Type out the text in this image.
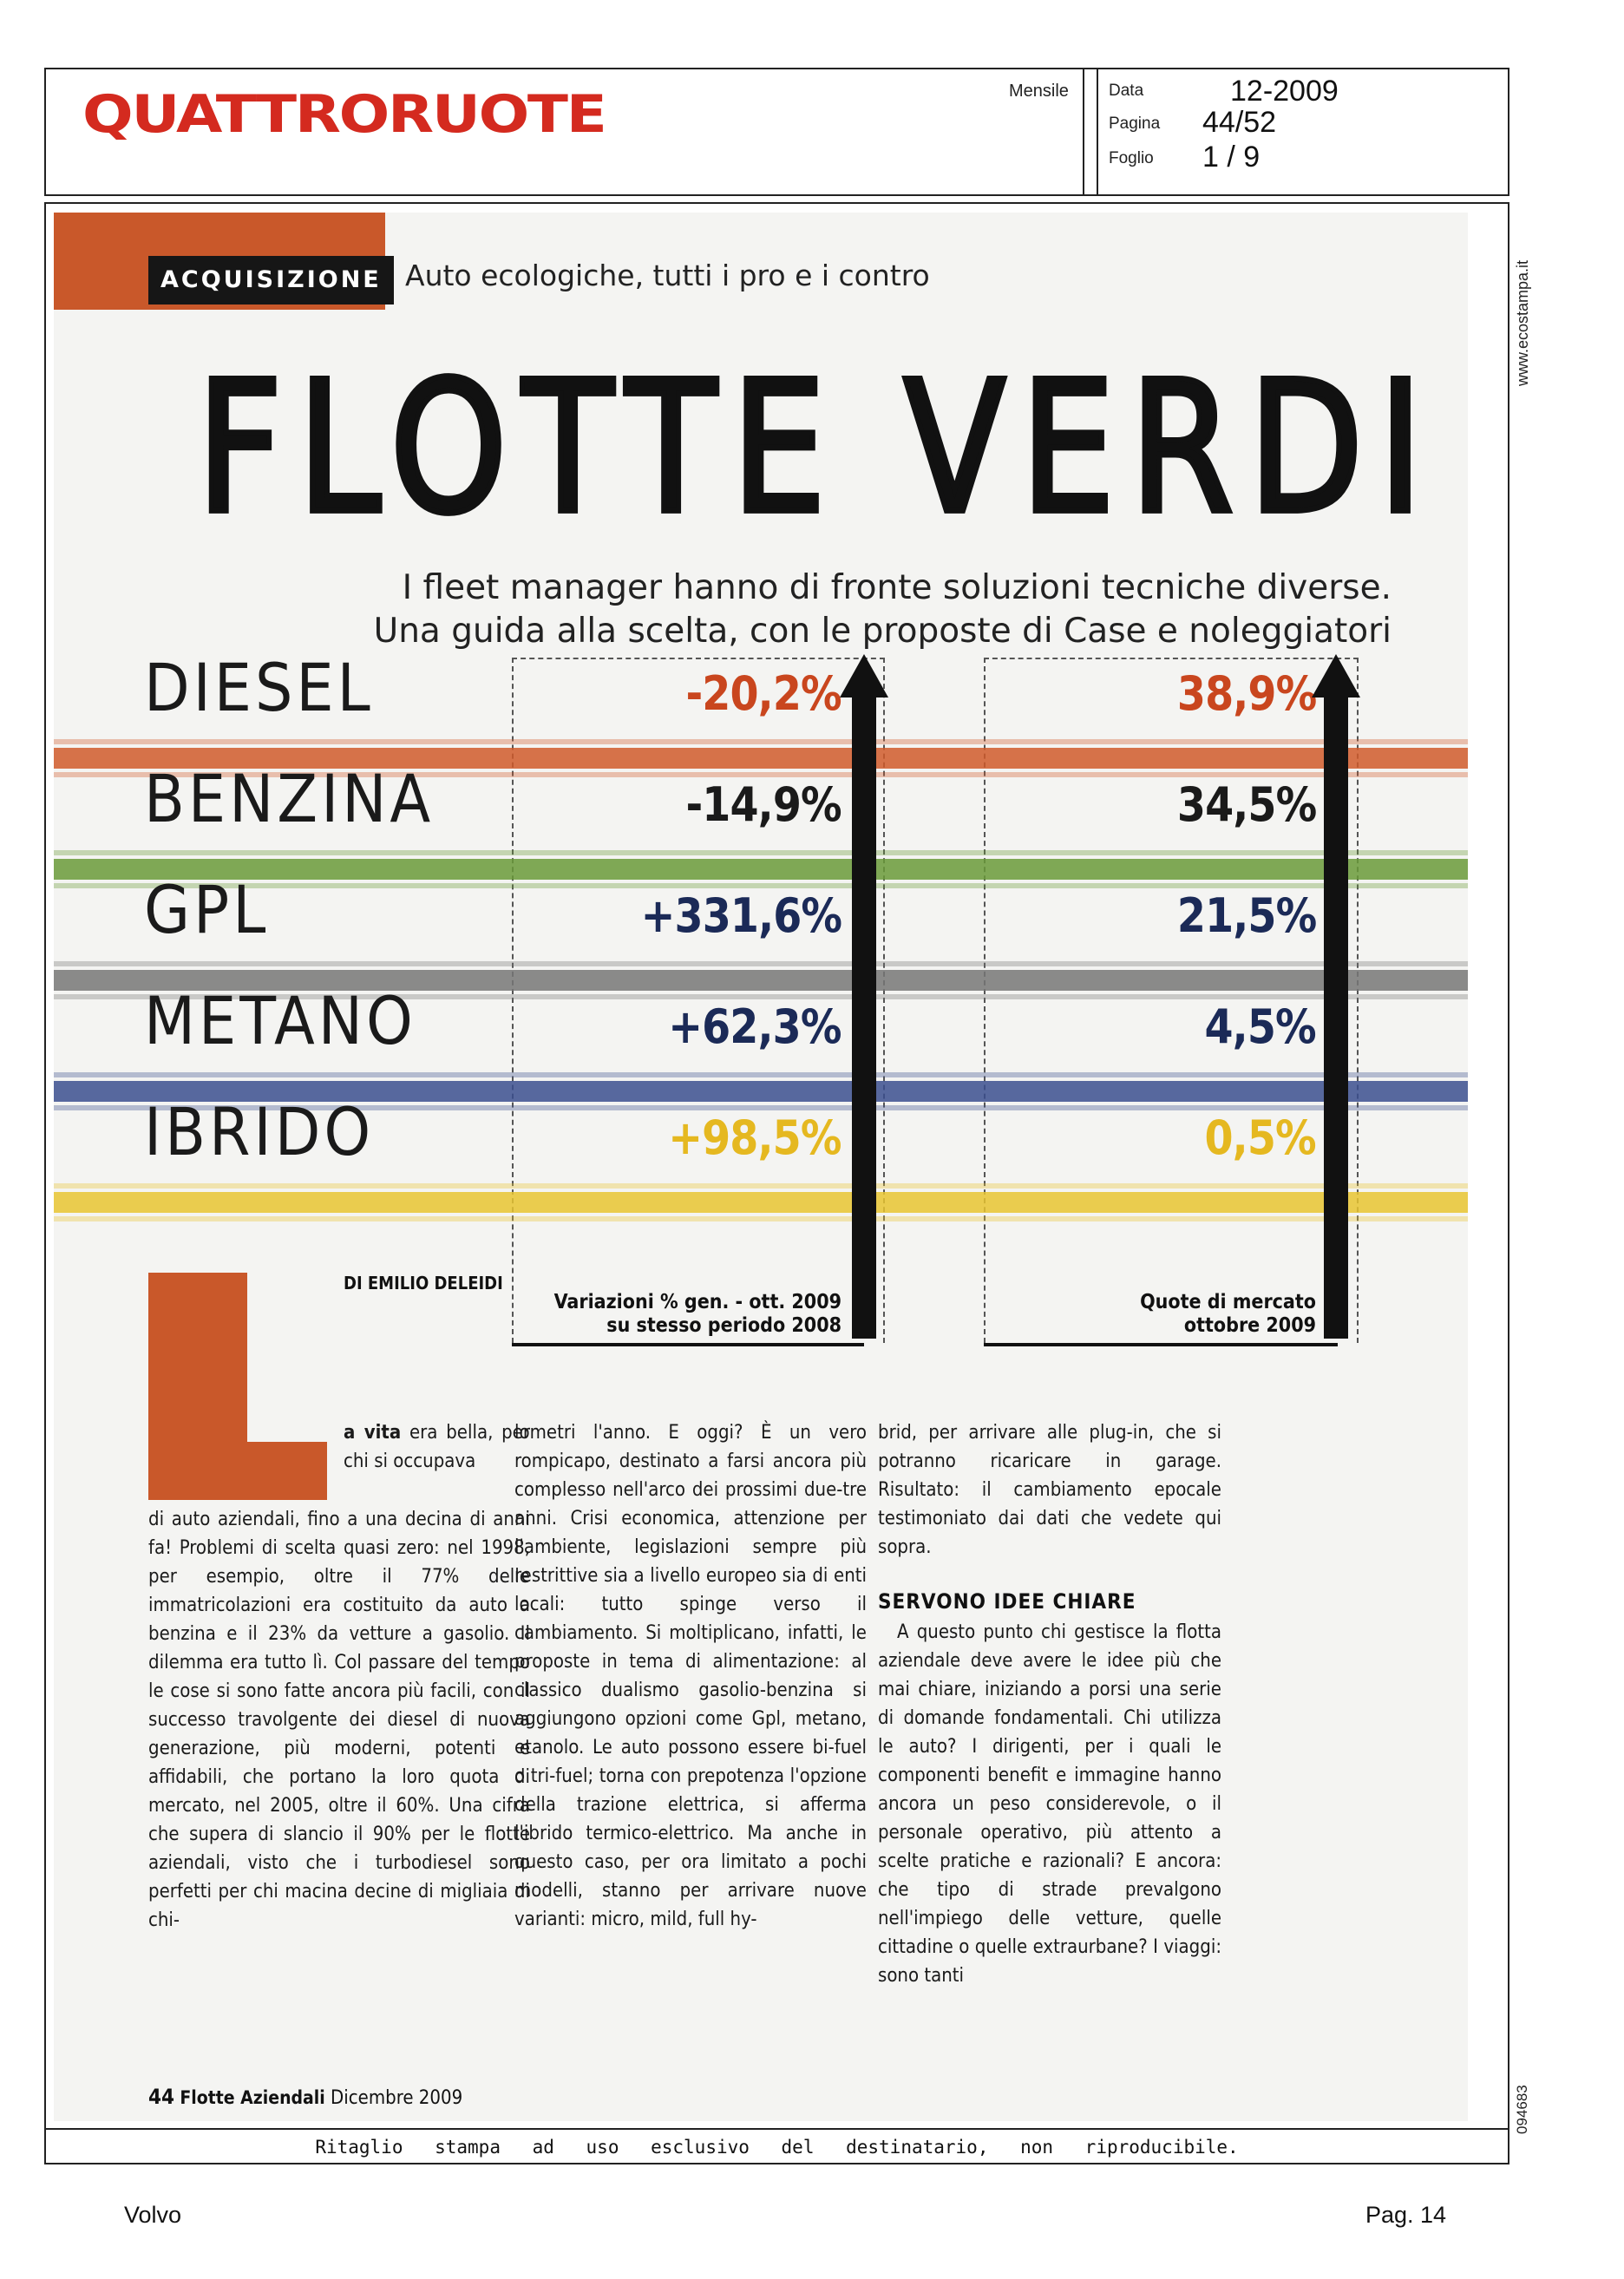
QUATTRORUOTE	Mensile Data	12-2009
Pagina 44/52
Foglio 1 / 9
www.ecostampa.it
094683
ACQUISIZIONE Auto ecologiche, tutti i pro e i contro
FLOTTE VERDI
I fleet manager hanno di fronte soluzioni tecniche diverse.
Una guida alla scelta, con le proposte di Case e noleggiatori
DIESEL	-20,2%	38,9%
BENZINA	-14,9%	34,5%
GPL	+331,6%	21,5%
METANO	+62,3%	4,5%
IBRIDO	+98,5%	0,5%
Variazioni % gen. - ott. 2009
su stesso periodo 2008
Quote di mercato
ottobre 2009
DI EMILIO DELEIDI
a vita era bella, per chi si occupava
di auto aziendali, fino a una decina di anni fa! Problemi di scelta quasi zero: nel 1998, per esempio, oltre il 77% delle immatricolazioni era costituito da auto a benzina e il 23% da vetture a gasolio. Il dilemma era tutto lì. Col passare del tempo le cose si sono fatte ancora più facili, con il successo travolgente dei diesel di nuova generazione, più moderni, potenti e affidabili, che portano la loro quota di mercato, nel 2005, oltre il 60%. Una cifra che supera di slancio il 90% per le flotte aziendali, visto che i turbodiesel sono perfetti per chi macina decine di migliaia di chi-
lometri l'anno. E oggi? È un vero rompicapo, destinato a farsi ancora più complesso nell'arco dei prossimi due-tre anni. Crisi economica, attenzione per l'ambiente, legislazioni sempre più restrittive sia a livello europeo sia di enti locali: tutto spinge verso il cambiamento. Si moltiplicano, infatti, le proposte in tema di alimentazione: al classico dualismo gasolio-benzina si aggiungono opzioni come Gpl, metano, etanolo. Le auto possono essere bi-fuel o tri-fuel; torna con prepotenza l'opzione della trazione elettrica, si afferma l'ibrido termico-elettrico. Ma anche in questo caso, per ora limitato a pochi modelli, stanno per arrivare nuove varianti: micro, mild, full hy-

brid, per arrivare alle plug-in, che si potranno ricaricare in garage. Risultato: il cambiamento epocale testimoniato dai dati che vedete qui sopra.

SERVONO IDEE CHIARE

A questo punto chi gestisce la flotta aziendale deve avere le idee più che mai chiare, iniziando a porsi una serie di domande fondamentali. Chi utilizza le auto? I dirigenti, per i quali le componenti benefit e immagine hanno ancora un peso considerevole, o il personale operativo, più attento a scelte pratiche e razionali? E ancora: che tipo di strade prevalgono nell'impiego delle vetture, quelle cittadine o quelle extraurbane? I viaggi: sono tanti

44 Flotte Aziendali Dicembre 2009
Ritaglio stampa ad uso esclusivo del destinatario, non riproducibile.
Volvo	Pag. 14
